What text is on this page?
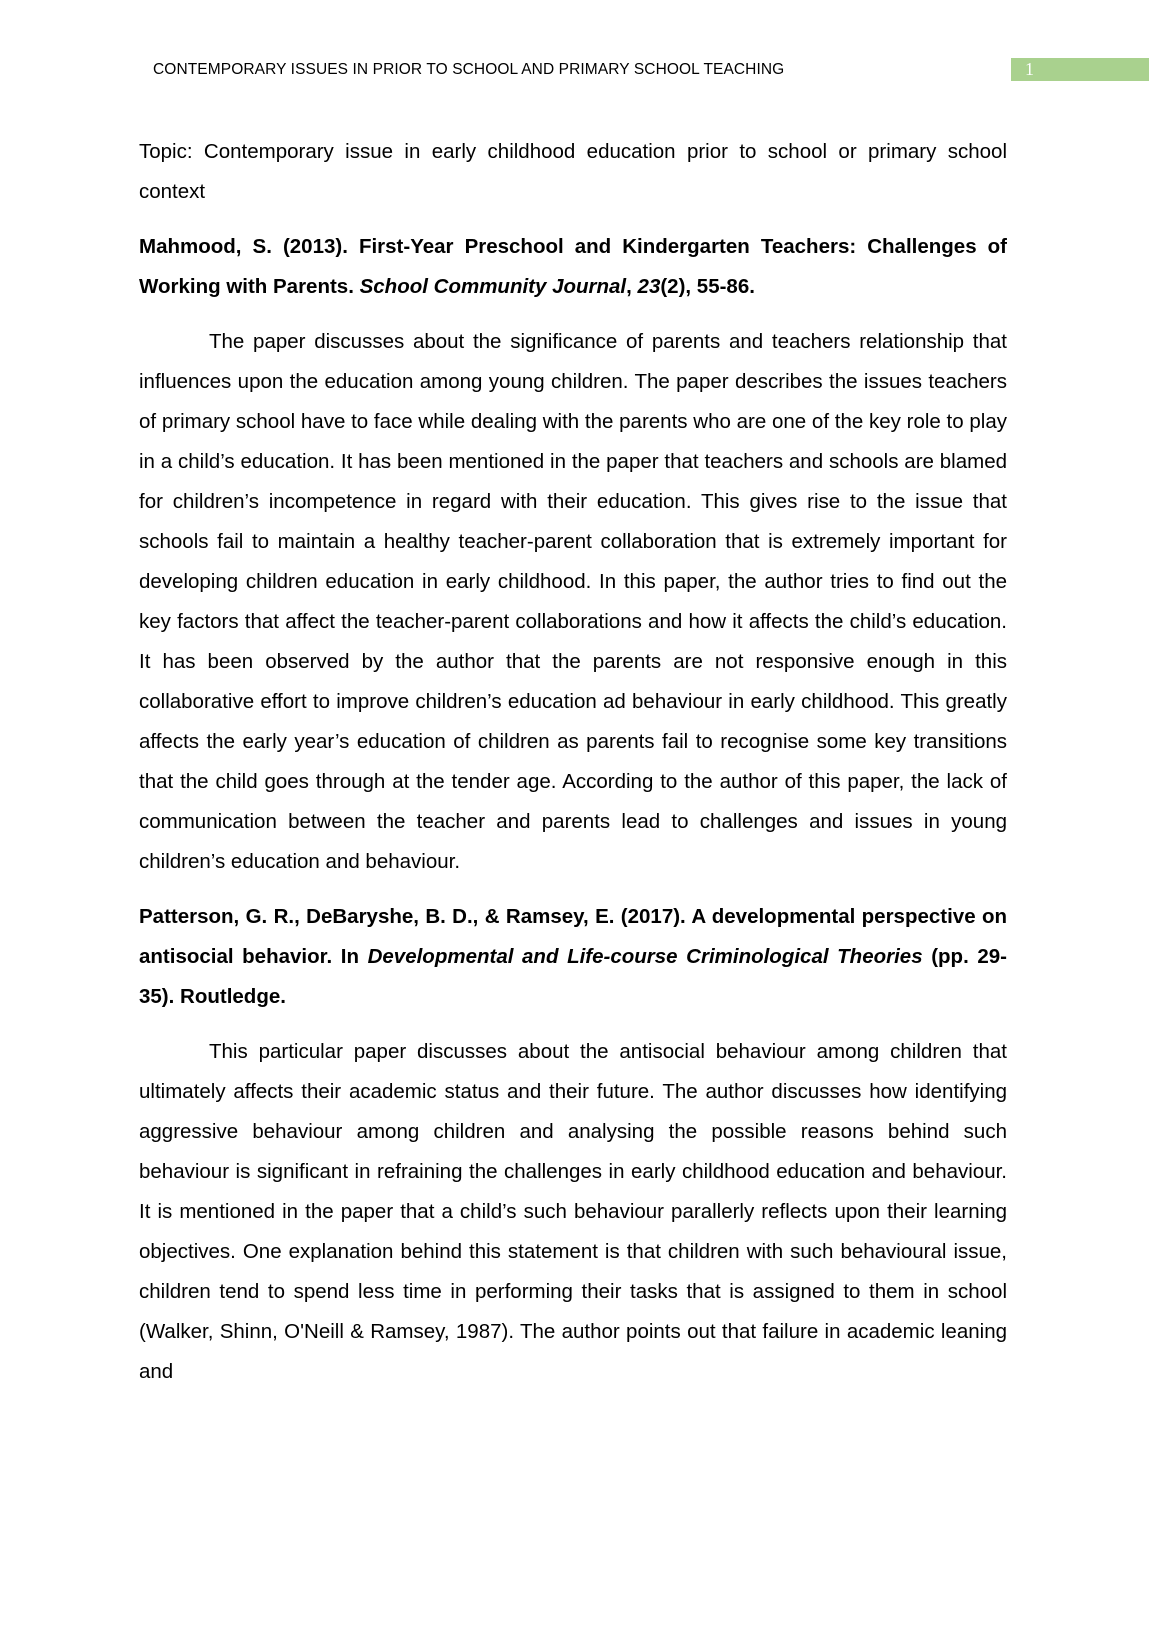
CONTEMPORARY ISSUES IN PRIOR TO SCHOOL AND PRIMARY SCHOOL TEACHING	1

Topic: Contemporary issue in early childhood education prior to school or primary school context

Mahmood, S. (2013). First-Year Preschool and Kindergarten Teachers: Challenges of Working with Parents. School Community Journal, 23(2), 55-86.

The paper discusses about the significance of parents and teachers relationship that influences upon the education among young children. The paper describes the issues teachers of primary school have to face while dealing with the parents who are one of the key role to play in a child’s education. It has been mentioned in the paper that teachers and schools are blamed for children’s incompetence in regard with their education. This gives rise to the issue that schools fail to maintain a healthy teacher-parent collaboration that is extremely important for developing children education in early childhood. In this paper, the author tries to find out the key factors that affect the teacher-parent collaborations and how it affects the child’s education. It has been observed by the author that the parents are not responsive enough in this collaborative effort to improve children’s education ad behaviour in early childhood. This greatly affects the early year’s education of children as parents fail to recognise some key transitions that the child goes through at the tender age. According to the author of this paper, the lack of communication between the teacher and parents lead to challenges and issues in young children’s education and behaviour.

Patterson, G. R., DeBaryshe, B. D., & Ramsey, E. (2017). A developmental perspective on antisocial behavior. In Developmental and Life-course Criminological Theories (pp. 29-35). Routledge.

This particular paper discusses about the antisocial behaviour among children that ultimately affects their academic status and their future. The author discusses how identifying aggressive behaviour among children and analysing the possible reasons behind such behaviour is significant in refraining the challenges in early childhood education and behaviour. It is mentioned in the paper that a child’s such behaviour parallerly reflects upon their learning objectives. One explanation behind this statement is that children with such behavioural issue, children tend to spend less time in performing their tasks that is assigned to them in school (Walker, Shinn, O'Neill & Ramsey, 1987). The author points out that failure in academic leaning and
